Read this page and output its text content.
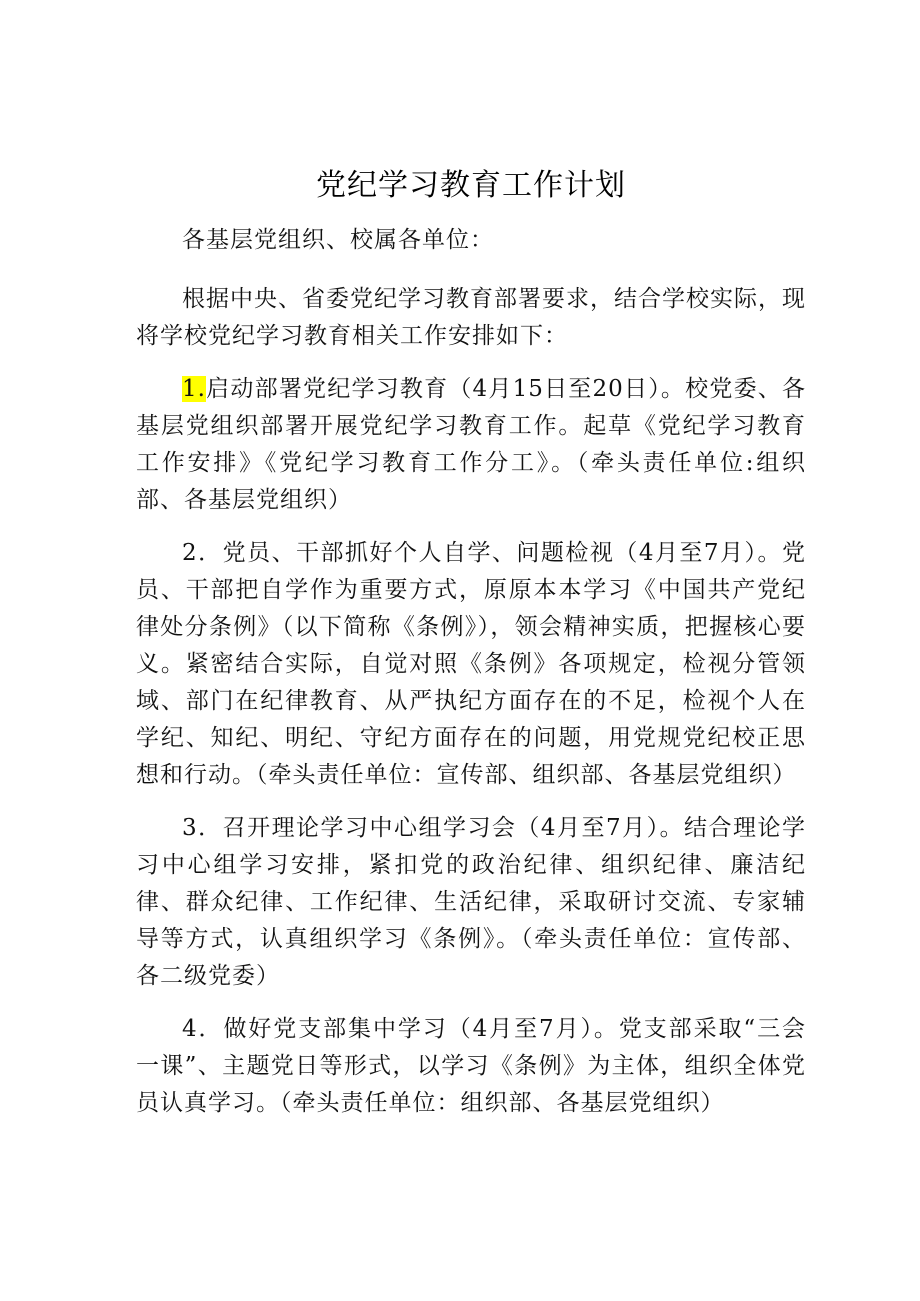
党纪学习教育工作计划

各基层党组织、校属各单位：

根据中央、省委党纪学习教育部署要求，结合学校实际，现将学校党纪学习教育相关工作安排如下：

1.启动部署党纪学习教育（4月15日至20日）。校党委、各基层党组织部署开展党纪学习教育工作。起草《党纪学习教育工作安排》《党纪学习教育工作分工》。（牵头责任单位:组织部、各基层党组织）

2．党员、干部抓好个人自学、问题检视（4月至7月）。党员、干部把自学作为重要方式，原原本本学习《中国共产党纪律处分条例》（以下简称《条例》），领会精神实质，把握核心要义。紧密结合实际，自觉对照《条例》各项规定，检视分管领域、部门在纪律教育、从严执纪方面存在的不足，检视个人在学纪、知纪、明纪、守纪方面存在的问题，用党规党纪校正思想和行动。（牵头责任单位：宣传部、组织部、各基层党组织）

3．召开理论学习中心组学习会（4月至7月）。结合理论学习中心组学习安排，紧扣党的政治纪律、组织纪律、廉洁纪律、群众纪律、工作纪律、生活纪律，采取研讨交流、专家辅导等方式，认真组织学习《条例》。（牵头责任单位：宣传部、各二级党委）

4．做好党支部集中学习（4月至7月）。党支部采取“三会一课”、主题党日等形式，以学习《条例》为主体，组织全体党员认真学习。（牵头责任单位：组织部、各基层党组织）
